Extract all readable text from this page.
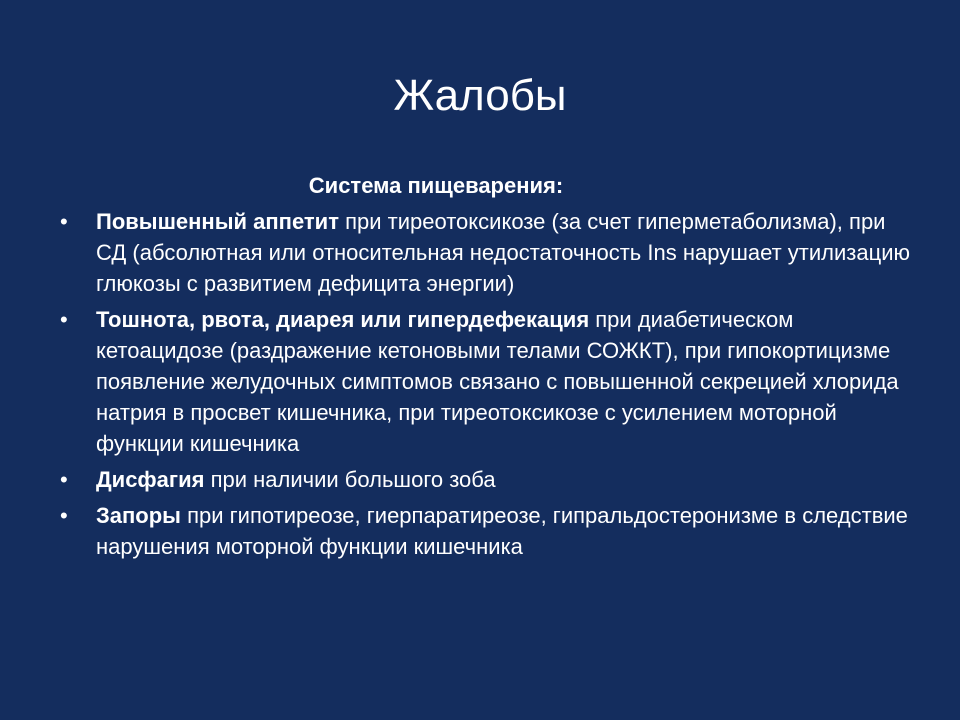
Жалобы

Система пищеварения:

•	Повышенный аппетит при тиреотоксикозе (за счет гиперметаболизма), при СД (абсолютная или относительная недостаточность Ins нарушает утилизацию глюкозы с развитием дефицита энергии)
•	Тошнота, рвота, диарея или гипердефекация при диабетическом кетоацидозе (раздражение кетоновыми телами СОЖКТ), при гипокортицизме появление желудочных симптомов связано с повышенной секрецией хлорида натрия в просвет кишечника, при тиреотоксикозе с усилением моторной функции кишечника
•	Дисфагия при наличии большого зоба
•	Запоры при гипотиреозе, гиерпаратиреозе, гипральдостеронизме в следствие нарушения моторной функции кишечника
